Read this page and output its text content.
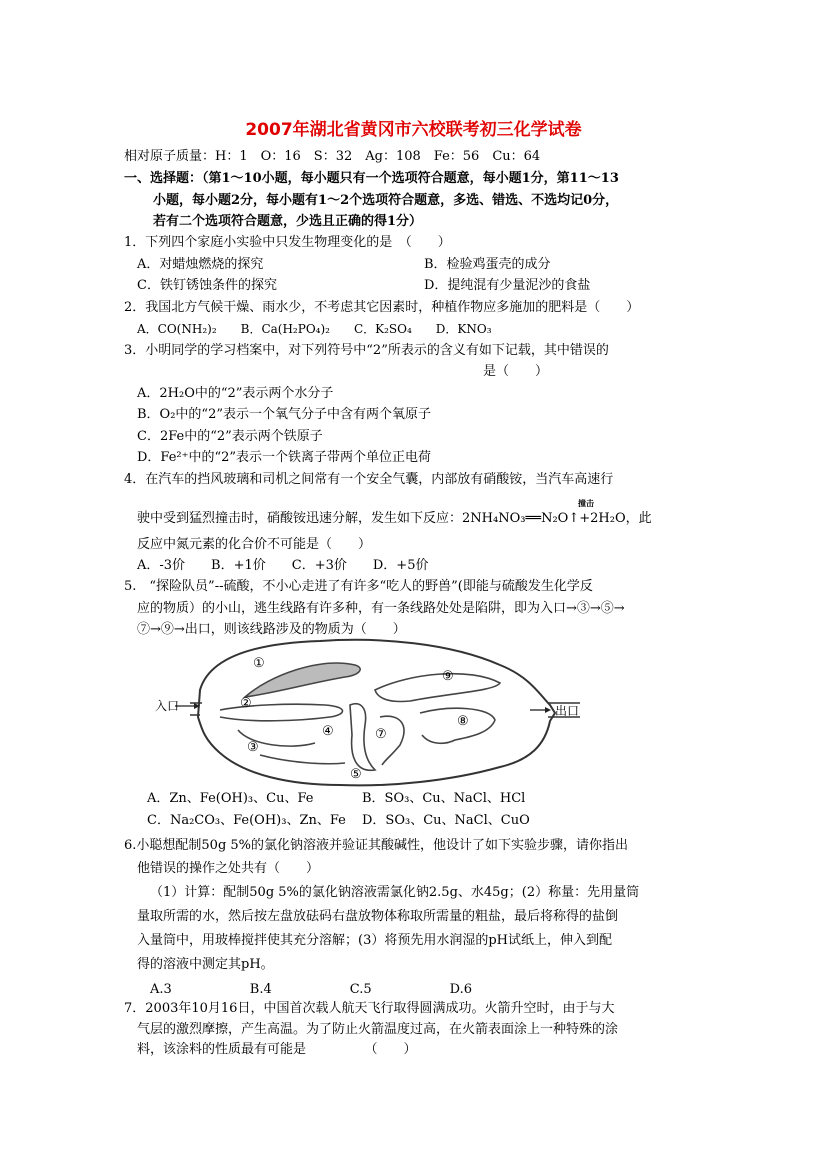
2007年湖北省黄冈市六校联考初三化学试卷
相对原子质量：H：1　O：16　S：32　Ag：108　Fe：56　Cu：64
一、选择题：（第1～10小题，每小题只有一个选项符合题意，每小题1分，第11～13
小题，每小题2分，每小题有1～2个选项符合题意，多选、错选、不选均记0分，
若有二个选项符合题意，少选且正确的得1分）
1．下列四个家庭小实验中只发生物理变化的是　（　　）
A．对蜡烛燃烧的探究	B．检验鸡蛋壳的成分
C．铁钉锈蚀条件的探究	D．提纯混有少量泥沙的食盐
2．我国北方气候干燥、雨水少，不考虑其它因素时，种植作物应多施加的肥料是（　　）
A．CO(NH₂)₂　　B．Ca(H₂PO₄)₂　　C．K₂SO₄　　D．KNO₃
3．小明同学的学习档案中，对下列符号中“2”所表示的含义有如下记载，其中错误的
是（　　）
A．2H₂O中的“2”表示两个水分子
B．O₂中的“2”表示一个氧气分子中含有两个氧原子
C．2Fe中的“2”表示两个铁原子
D．Fe²⁺中的“2”表示一个铁离子带两个单位正电荷
4．在汽车的挡风玻璃和司机之间常有一个安全气囊，内部放有硝酸铵，当汽车高速行
撞击
驶中受到猛烈撞击时，硝酸铵迅速分解，发生如下反应：2NH₄NO₃══N₂O↑+2H₂O，此
反应中氮元素的化合价不可能是（　　）
A．-3价　　B．+1价　　C．+3价　　D．+5价
5.　“探险队员”--硫酸，不小心走进了有许多“吃人的野兽”(即能与硫酸发生化学反
应的物质）的小山，逃生线路有许多种，有一条线路处处是陷阱，即为入口→③→⑤→
⑦→⑨→出口，则该线路涉及的物质为（　　）
入口	出口
①
②
③
④
⑤
⑦
⑧
⑨
A．Zn、Fe(OH)₃、Cu、Fe	B．SO₃、Cu、NaCl、HCl
C．Na₂CO₃、Fe(OH)₃、Zn、Fe D．SO₃、Cu、NaCl、CuO
6.小聪想配制50g 5%的氯化钠溶液并验证其酸碱性，他设计了如下实验步骤，请你指出
他错误的操作之处共有（　　）
（1）计算：配制50g 5%的氯化钠溶液需氯化钠2.5g、水45g；(2）称量：先用量筒
量取所需的水，然后按左盘放砝码右盘放物体称取所需量的粗盐，最后将称得的盐倒
入量筒中，用玻棒搅拌使其充分溶解；(3）将预先用水润湿的pH试纸上，伸入到配
得的溶液中测定其pH。
A.3　　　　　　B.4　　　　　　C.5　　　　　　D.6
7．2003年10月16日，中国首次载人航天飞行取得圆满成功。火箭升空时，由于与大
气层的激烈摩擦，产生高温。为了防止火箭温度过高，在火箭表面涂上一种特殊的涂
料，该涂料的性质最有可能是　　　　　（　　）
